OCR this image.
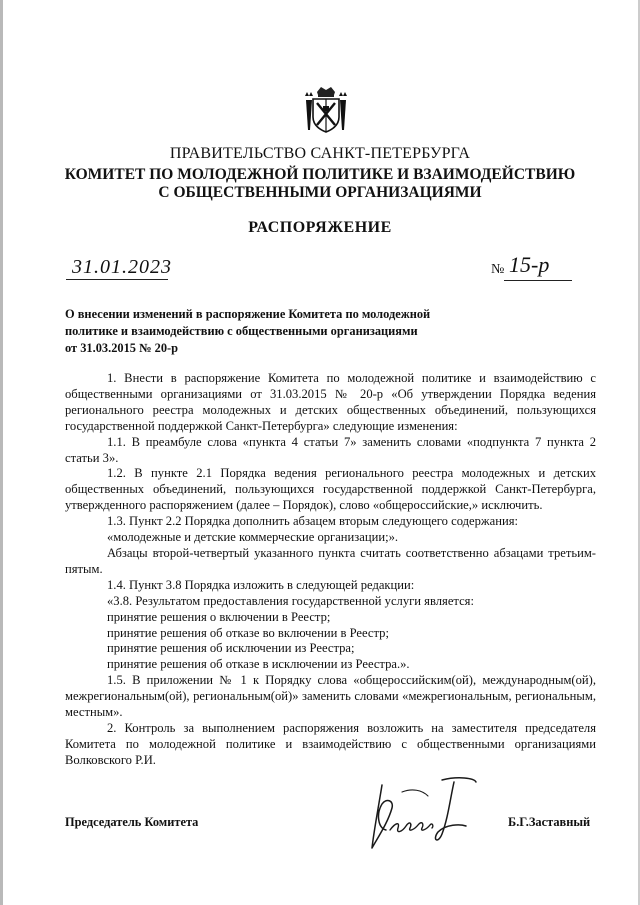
ПРАВИТЕЛЬСТВО САНКТ-ПЕТЕРБУРГА
КОМИТЕТ ПО МОЛОДЕЖНОЙ ПОЛИТИКЕ И ВЗАИМОДЕЙСТВИЮ
С ОБЩЕСТВЕННЫМИ ОРГАНИЗАЦИЯМИ
РАСПОРЯЖЕНИЕ
31.01.2023	№ 15-р
О внесении изменений в распоряжение Комитета по молодежной
политике и взаимодействию с общественными организациями
от 31.03.2015 № 20-р

1. Внести в распоряжение Комитета по молодежной политике и взаимодействию с общественными организациями от 31.03.2015 № 20-р «Об утверждении Порядка ведения регионального реестра молодежных и детских общественных объединений, пользующихся государственной поддержкой Санкт-Петербурга» следующие изменения:

1.1. В преамбуле слова «пункта 4 статьи 7» заменить словами «подпункта 7 пункта 2 статьи 3».

1.2. В пункте 2.1 Порядка ведения регионального реестра молодежных и детских общественных объединений, пользующихся государственной поддержкой Санкт-Петербурга, утвержденного распоряжением (далее – Порядок), слово «общероссийские,» исключить.

1.3. Пункт 2.2 Порядка дополнить абзацем вторым следующего содержания:

«молодежные и детские коммерческие организации;».

Абзацы второй-четвертый указанного пункта считать соответственно абзацами третьим-пятым.

1.4. Пункт 3.8 Порядка изложить в следующей редакции:

«3.8. Результатом предоставления государственной услуги является:

принятие решения о включении в Реестр;

принятие решения об отказе во включении в Реестр;

принятие решения об исключении из Реестра;

принятие решения об отказе в исключении из Реестра.».

1.5. В приложении № 1 к Порядку слова «общероссийским(ой), международным(ой), межрегиональным(ой), региональным(ой)» заменить словами «межрегиональным, региональным, местным».

2. Контроль за выполнением распоряжения возложить на заместителя председателя Комитета по молодежной политике и взаимодействию с общественными организациями Волковского Р.И.

Председатель Комитета	Б.Г.Заставный
